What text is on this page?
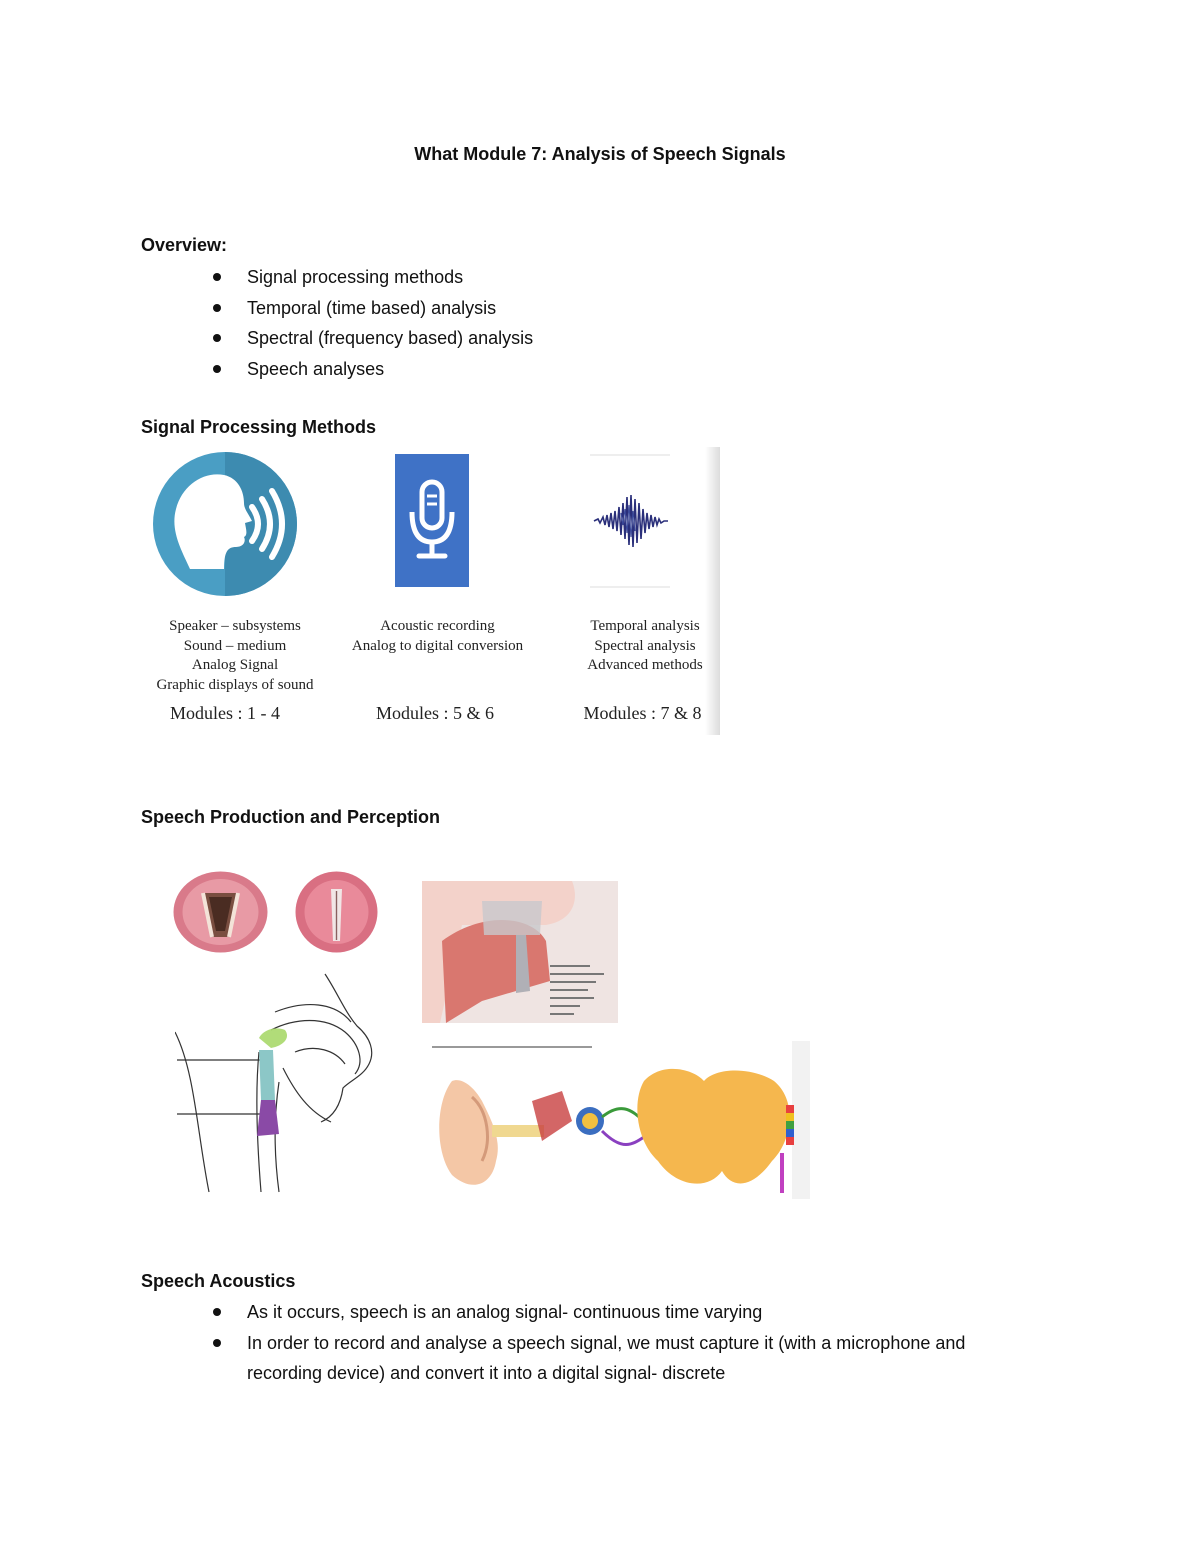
What Module 7: Analysis of Speech Signals
Overview:
Signal processing methods
Temporal (time based) analysis
Spectral (frequency based) analysis
Speech analyses
Signal Processing Methods
Speaker – subsystems
Sound – medium
Analog Signal
Graphic displays of sound
Modules : 1 - 4
Acoustic recording
Analog to digital conversion
Modules : 5 & 6
Temporal analysis
Spectral analysis
Advanced methods
Modules : 7 & 8
Speech Production and Perception
Speech Acoustics
As it occurs, speech is an analog signal- continuous time varying
In order to record and analyse a speech signal, we must capture it (with a microphone and
recording device) and convert it into a digital signal- discrete
